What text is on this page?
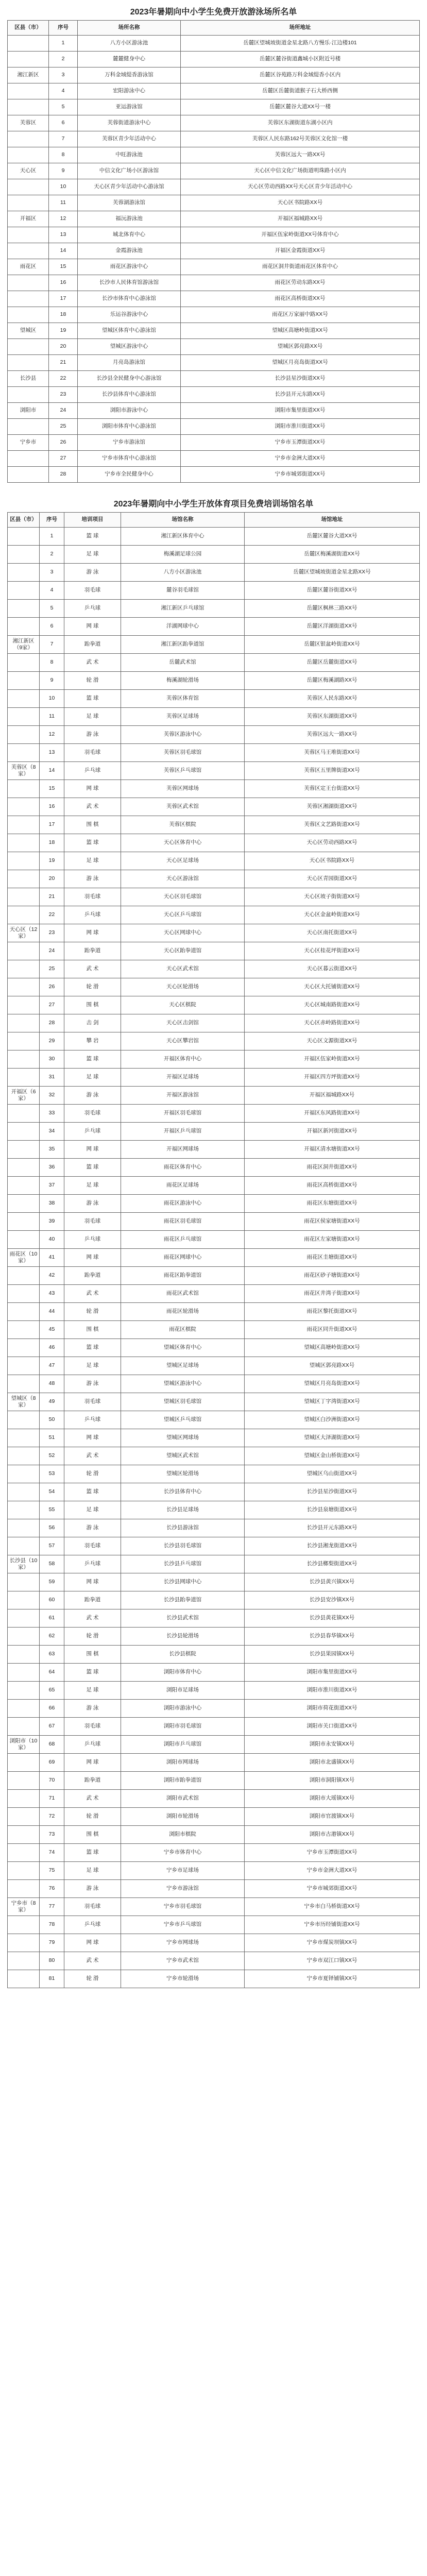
2023年暑期向中小学生免费开放游泳场所名单
区县（市）	序号	场所名称	场所地址
	1	八方小区游泳池	岳麓区望城坡街道金星北路八方慢乐·江边楼101
	2	麓麓健身中心	岳麓区麓谷街道鑫城小区附近号楼
湘江新区	3	万科金域缇香游泳馆	岳麓区谷苑路万科金域缇香小区内
	4	宏阳游泳中心	岳麓区岳麓街道猴子石大桥西侧
	5	亚运游泳馆	岳麓区麓谷大道XX号一楼
芙蓉区	6	芙蓉街道游泳中心	芙蓉区东湖街道东湖小区内
	7	芙蓉区青少年活动中心	芙蓉区人民东路162号芙蓉区文化馆一楼
	8	中旺游泳池	芙蓉区远大一路XX号
天心区	9	中信文化广场小区游泳馆	天心区中信文化广场街道明珠路小区内
	10	天心区青少年活动中心游泳馆	天心区劳动西路XX号天心区青少年活动中心
	11	芙蓉湖游泳馆	天心区书院路XX号
开福区	12	福沅游泳池	开福区福城路XX号
	13	城北体育中心	开福区伍家岭街道XX号体育中心
	14	金霞游泳池	开福区金霞街道XX号
雨花区	15	雨花区游泳中心	雨花区洞井街道雨花区体育中心
	16	长沙市人民体育馆游泳馆	雨花区劳动东路XX号
	17	长沙市体育中心游泳馆	雨花区高桥街道XX号
	18	乐运谷游泳中心	雨花区万家丽中路XX号
望城区	19	望城区体育中心游泳馆	望城区高塘岭街道XX号
	20	望城区游泳中心	望城区郭亮路XX号
	21	月亮岛游泳馆	望城区月亮岛街道XX号
长沙县	22	长沙县全民健身中心游泳馆	长沙县星沙街道XX号
	23	长沙县体育中心游泳馆	长沙县开元东路XX号
浏阳市	24	浏阳市游泳中心	浏阳市集里街道XX号
	25	浏阳市体育中心游泳馆	浏阳市淮川街道XX号
宁乡市	26	宁乡市游泳馆	宁乡市玉潭街道XX号
	27	宁乡市体育中心游泳馆	宁乡市金洲大道XX号
	28	宁乡市全民健身中心	宁乡市城郊街道XX号
2023年暑期向中小学生开放体育项目免费培训场馆名单
区县（市）	序号	培训项目	场馆名称	场馆地址
	1	篮 球	湘江新区体育中心	岳麓区麓谷大道XX号
	2	足 球	梅溪湖足球公园	岳麓区梅溪湖街道XX号
	3	游 泳	八方小区游泳池	岳麓区望城坡街道金星北路XX号
	4	羽毛球	麓谷羽毛球馆	岳麓区麓谷街道XX号
	5	乒乓球	湘江新区乒乓球馆	岳麓区枫林三路XX号
	6	网 球	洋湖网球中心	岳麓区洋湖街道XX号
湘江新区（9家）	7	跆拳道	湘江新区跆拳道馆	岳麓区银盆岭街道XX号
	8	武 术	岳麓武术馆	岳麓区岳麓街道XX号
	9	轮 滑	梅溪湖轮滑场	岳麓区梅溪湖路XX号
	10	篮 球	芙蓉区体育馆	芙蓉区人民东路XX号
	11	足 球	芙蓉区足球场	芙蓉区东湖街道XX号
	12	游 泳	芙蓉区游泳中心	芙蓉区远大一路XX号
	13	羽毛球	芙蓉区羽毛球馆	芙蓉区马王堆街道XX号
芙蓉区（8家）	14	乒乓球	芙蓉区乒乓球馆	芙蓉区五里牌街道XX号
	15	网 球	芙蓉区网球场	芙蓉区定王台街道XX号
	16	武 术	芙蓉区武术馆	芙蓉区湘湖街道XX号
	17	围 棋	芙蓉区棋院	芙蓉区文艺路街道XX号
	18	篮 球	天心区体育中心	天心区劳动西路XX号
	19	足 球	天心区足球场	天心区书院路XX号
	20	游 泳	天心区游泳馆	天心区青园街道XX号
	21	羽毛球	天心区羽毛球馆	天心区坡子街街道XX号
	22	乒乓球	天心区乒乓球馆	天心区金盆岭街道XX号
天心区（12家）	23	网 球	天心区网球中心	天心区南托街道XX号
	24	跆拳道	天心区跆拳道馆	天心区桂花坪街道XX号
	25	武 术	天心区武术馆	天心区暮云街道XX号
	26	轮 滑	天心区轮滑场	天心区大托铺街道XX号
	27	围 棋	天心区棋院	天心区城南路街道XX号
	28	击 剑	天心区击剑馆	天心区赤岭路街道XX号
	29	攀 岩	天心区攀岩馆	天心区文源街道XX号
	30	篮 球	开福区体育中心	开福区伍家岭街道XX号
	31	足 球	开福区足球场	开福区四方坪街道XX号
开福区（6家）	32	游 泳	开福区游泳馆	开福区福城路XX号
	33	羽毛球	开福区羽毛球馆	开福区东风路街道XX号
	34	乒乓球	开福区乒乓球馆	开福区新河街道XX号
	35	网 球	开福区网球场	开福区清水塘街道XX号
	36	篮 球	雨花区体育中心	雨花区洞井街道XX号
	37	足 球	雨花区足球场	雨花区高桥街道XX号
	38	游 泳	雨花区游泳中心	雨花区东塘街道XX号
	39	羽毛球	雨花区羽毛球馆	雨花区侯家塘街道XX号
	40	乒乓球	雨花区乒乓球馆	雨花区左家塘街道XX号
雨花区（10家）	41	网 球	雨花区网球中心	雨花区圭塘街道XX号
	42	跆拳道	雨花区跆拳道馆	雨花区砂子塘街道XX号
	43	武 术	雨花区武术馆	雨花区井湾子街道XX号
	44	轮 滑	雨花区轮滑场	雨花区黎托街道XX号
	45	围 棋	雨花区棋院	雨花区同升街道XX号
	46	篮 球	望城区体育中心	望城区高塘岭街道XX号
	47	足 球	望城区足球场	望城区郭亮路XX号
	48	游 泳	望城区游泳中心	望城区月亮岛街道XX号
望城区（8家）	49	羽毛球	望城区羽毛球馆	望城区丁字湾街道XX号
	50	乒乓球	望城区乒乓球馆	望城区白沙洲街道XX号
	51	网 球	望城区网球场	望城区大泽湖街道XX号
	52	武 术	望城区武术馆	望城区金山桥街道XX号
	53	轮 滑	望城区轮滑场	望城区乌山街道XX号
	54	篮 球	长沙县体育中心	长沙县星沙街道XX号
	55	足 球	长沙县足球场	长沙县泉塘街道XX号
	56	游 泳	长沙县游泳馆	长沙县开元东路XX号
	57	羽毛球	长沙县羽毛球馆	长沙县湘龙街道XX号
长沙县（10家）	58	乒乓球	长沙县乒乓球馆	长沙县榔梨街道XX号
	59	网 球	长沙县网球中心	长沙县黄兴镇XX号
	60	跆拳道	长沙县跆拳道馆	长沙县安沙镇XX号
	61	武 术	长沙县武术馆	长沙县黄花镇XX号
	62	轮 滑	长沙县轮滑场	长沙县春华镇XX号
	63	围 棋	长沙县棋院	长沙县果园镇XX号
	64	篮 球	浏阳市体育中心	浏阳市集里街道XX号
	65	足 球	浏阳市足球场	浏阳市淮川街道XX号
	66	游 泳	浏阳市游泳中心	浏阳市荷花街道XX号
	67	羽毛球	浏阳市羽毛球馆	浏阳市关口街道XX号
浏阳市（10家）	68	乒乓球	浏阳市乒乓球馆	浏阳市永安镇XX号
	69	网 球	浏阳市网球场	浏阳市北盛镇XX号
	70	跆拳道	浏阳市跆拳道馆	浏阳市洞阳镇XX号
	71	武 术	浏阳市武术馆	浏阳市大瑶镇XX号
	72	轮 滑	浏阳市轮滑场	浏阳市官渡镇XX号
	73	围 棋	浏阳市棋院	浏阳市古港镇XX号
	74	篮 球	宁乡市体育中心	宁乡市玉潭街道XX号
	75	足 球	宁乡市足球场	宁乡市金洲大道XX号
	76	游 泳	宁乡市游泳馆	宁乡市城郊街道XX号
宁乡市（8家）	77	羽毛球	宁乡市羽毛球馆	宁乡市白马桥街道XX号
	78	乒乓球	宁乡市乒乓球馆	宁乡市历经铺街道XX号
	79	网 球	宁乡市网球场	宁乡市煤炭坝镇XX号
	80	武 术	宁乡市武术馆	宁乡市双江口镇XX号
	81	轮 滑	宁乡市轮滑场	宁乡市夏铎铺镇XX号
